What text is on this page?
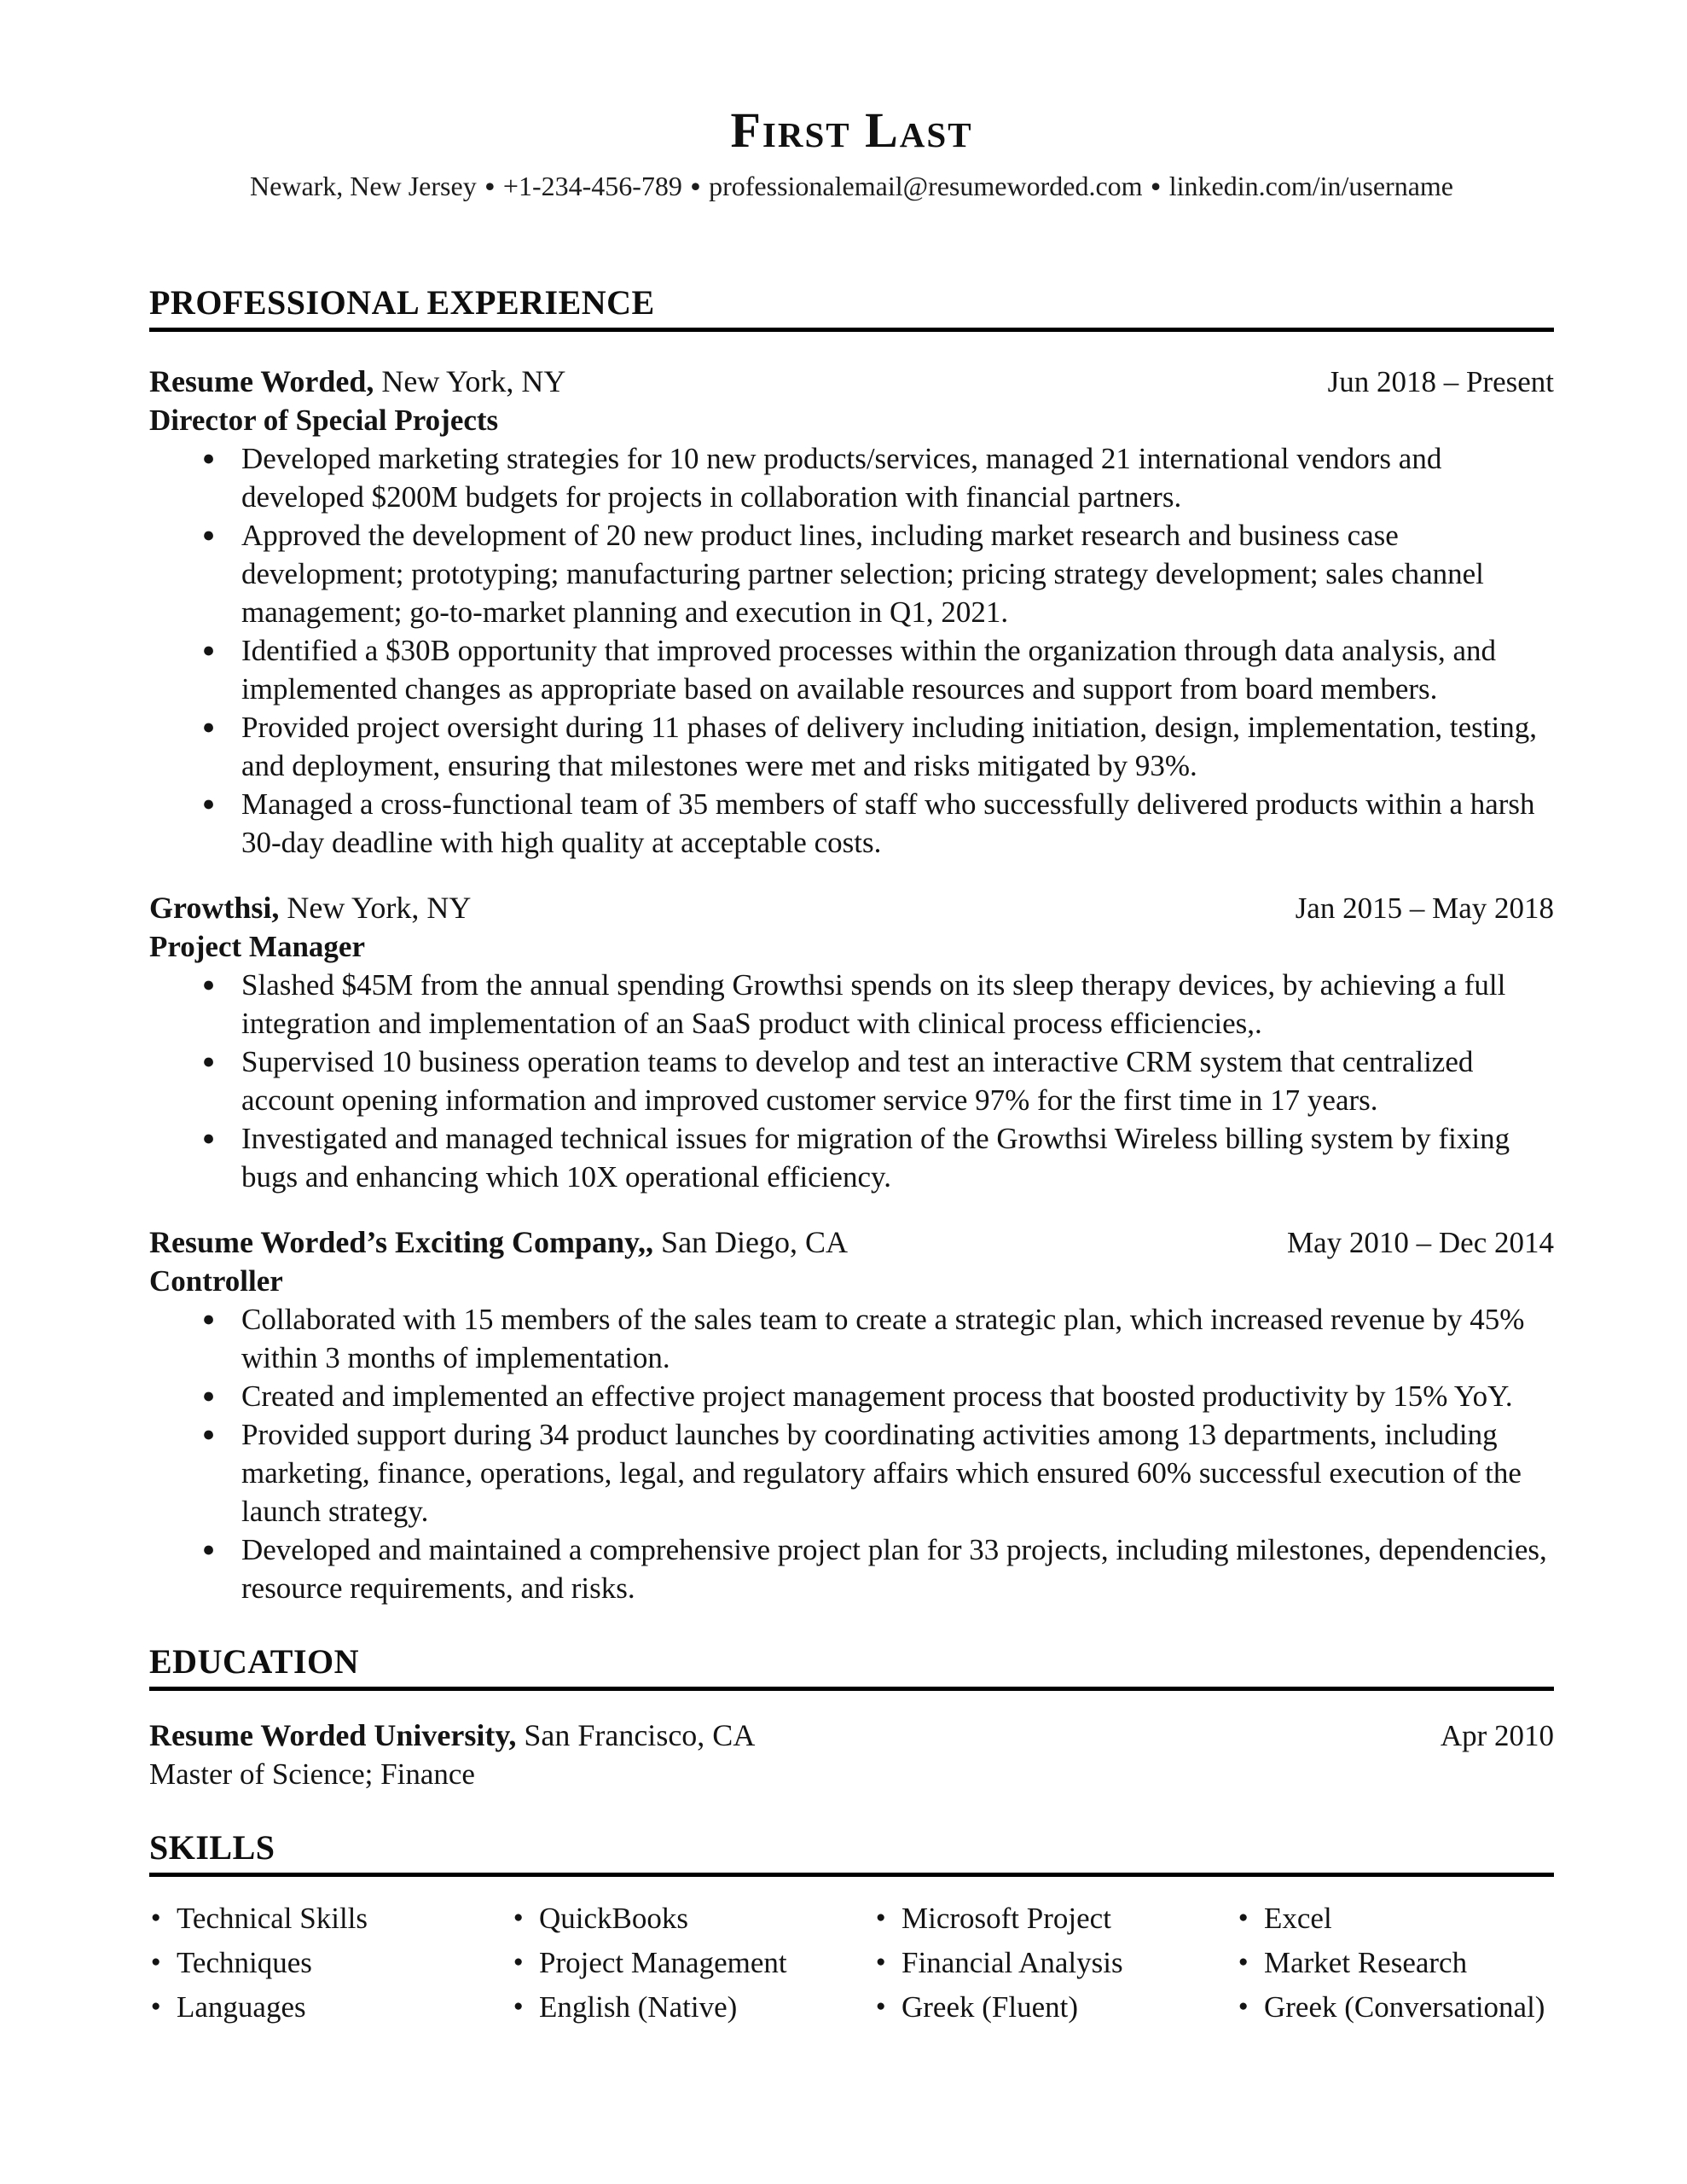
First Last
Newark, New Jersey • +1-234-456-789 • professionalemail@resumeworded.com • linkedin.com/in/username
PROFESSIONAL EXPERIENCE
Resume Worded, New York, NY	Jun 2018 – Present
Director of Special Projects
● Developed marketing strategies for 10 new products/services, managed 21 international vendors and developed $200M budgets for projects in collaboration with financial partners.
● Approved the development of 20 new product lines, including market research and business case development; prototyping; manufacturing partner selection; pricing strategy development; sales channel management; go-to-market planning and execution in Q1, 2021.
● Identified a $30B opportunity that improved processes within the organization through data analysis, and implemented changes as appropriate based on available resources and support from board members.
● Provided project oversight during 11 phases of delivery including initiation, design, implementation, testing, and deployment, ensuring that milestones were met and risks mitigated by 93%.
● Managed a cross-functional team of 35 members of staff who successfully delivered products within a harsh 30-day deadline with high quality at acceptable costs.
Growthsi, New York, NY	Jan 2015 – May 2018
Project Manager
● Slashed $45M from the annual spending Growthsi spends on its sleep therapy devices, by achieving a full integration and implementation of an SaaS product with clinical process efficiencies,.
● Supervised 10 business operation teams to develop and test an interactive CRM system that centralized account opening information and improved customer service 97% for the first time in 17 years.
● Investigated and managed technical issues for migration of the Growthsi Wireless billing system by fixing bugs and enhancing which 10X operational efficiency.
Resume Worded’s Exciting Company,, San Diego, CA	May 2010 – Dec 2014
Controller
● Collaborated with 15 members of the sales team to create a strategic plan, which increased revenue by 45% within 3 months of implementation.
● Created and implemented an effective project management process that boosted productivity by 15% YoY.
● Provided support during 34 product launches by coordinating activities among 13 departments, including marketing, finance, operations, legal, and regulatory affairs which ensured 60% successful execution of the launch strategy.
● Developed and maintained a comprehensive project plan for 33 projects, including milestones, dependencies, resource requirements, and risks.
EDUCATION
Resume Worded University, San Francisco, CA	Apr 2010
Master of Science; Finance
SKILLS
● Technical Skills	● QuickBooks	● Microsoft Project	● Excel
● Techniques	● Project Management	● Financial Analysis	● Market Research
● Languages	● English (Native)	● Greek (Fluent)	● Greek (Conversational)
